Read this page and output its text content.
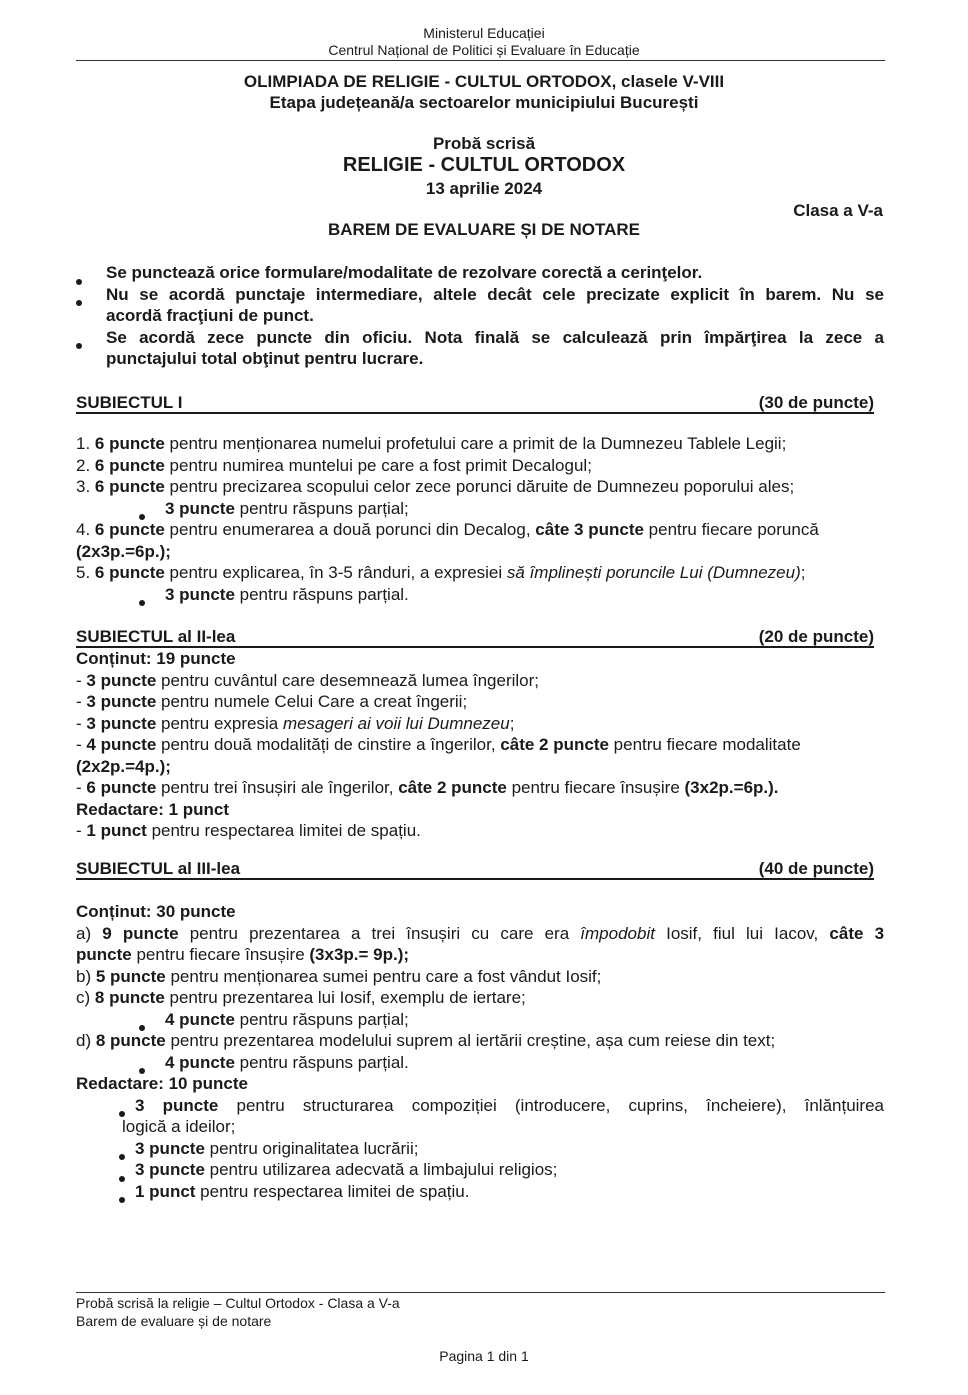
Ministerul Educației
Centrul Național de Politici și Evaluare în Educație
OLIMPIADA DE RELIGIE - CULTUL ORTODOX, clasele V-VIII
Etapa județeană/a sectoarelor municipiului București
Probă scrisă
RELIGIE - CULTUL ORTODOX
13 aprilie 2024
Clasa a V-a
BAREM DE EVALUARE ȘI DE NOTARE
Se punctează orice formulare/modalitate de rezolvare corectă a cerinţelor.
Nu se acordă punctaje intermediare, altele decât cele precizate explicit în barem. Nu se
acordă fracţiuni de punct.
Se acordă zece puncte din oficiu. Nota finală se calculează prin împărţirea la zece a
punctajului total obţinut pentru lucrare.
SUBIECTUL I	(30 de puncte)
1. 6 puncte pentru menționarea numelui profetului care a primit de la Dumnezeu Tablele Legii;
2. 6 puncte pentru numirea muntelui pe care a fost primit Decalogul;
3. 6 puncte pentru precizarea scopului celor zece porunci dăruite de Dumnezeu poporului ales;
3 puncte pentru răspuns parțial;
4. 6 puncte pentru enumerarea a două porunci din Decalog, câte 3 puncte pentru fiecare poruncă
(2x3p.=6p.);
5. 6 puncte pentru explicarea, în 3-5 rânduri, a expresiei să împlinești poruncile Lui (Dumnezeu);
3 puncte pentru răspuns parțial.
SUBIECTUL al II-lea	(20 de puncte)
Conținut: 19 puncte
- 3 puncte pentru cuvântul care desemnează lumea îngerilor;
- 3 puncte pentru numele Celui Care a creat îngerii;
- 3 puncte pentru expresia mesageri ai voii lui Dumnezeu;
- 4 puncte pentru două modalități de cinstire a îngerilor, câte 2 puncte pentru fiecare modalitate
(2x2p.=4p.);
- 6 puncte pentru trei însușiri ale îngerilor, câte 2 puncte pentru fiecare însușire (3x2p.=6p.).
Redactare: 1 punct
- 1 punct pentru respectarea limitei de spațiu.
SUBIECTUL al III-lea	(40 de puncte)
Conținut: 30 puncte
a) 9 puncte pentru prezentarea a trei însușiri cu care era împodobit Iosif, fiul lui Iacov, câte 3
puncte pentru fiecare însușire (3x3p.= 9p.);
b) 5 puncte pentru menționarea sumei pentru care a fost vândut Iosif;
c) 8 puncte pentru prezentarea lui Iosif, exemplu de iertare;
4 puncte pentru răspuns parțial;
d) 8 puncte pentru prezentarea modelului suprem al iertării creștine, așa cum reiese din text;
4 puncte pentru răspuns parțial.
Redactare: 10 puncte
3 puncte pentru structurarea compoziției (introducere, cuprins, încheiere), înlănțuirea
logică a ideilor;
3 puncte pentru originalitatea lucrării;
3 puncte pentru utilizarea adecvată a limbajului religios;
1 punct pentru respectarea limitei de spațiu.
Probă scrisă la religie – Cultul Ortodox - Clasa a V-a
Barem de evaluare și de notare
Pagina 1 din 1
